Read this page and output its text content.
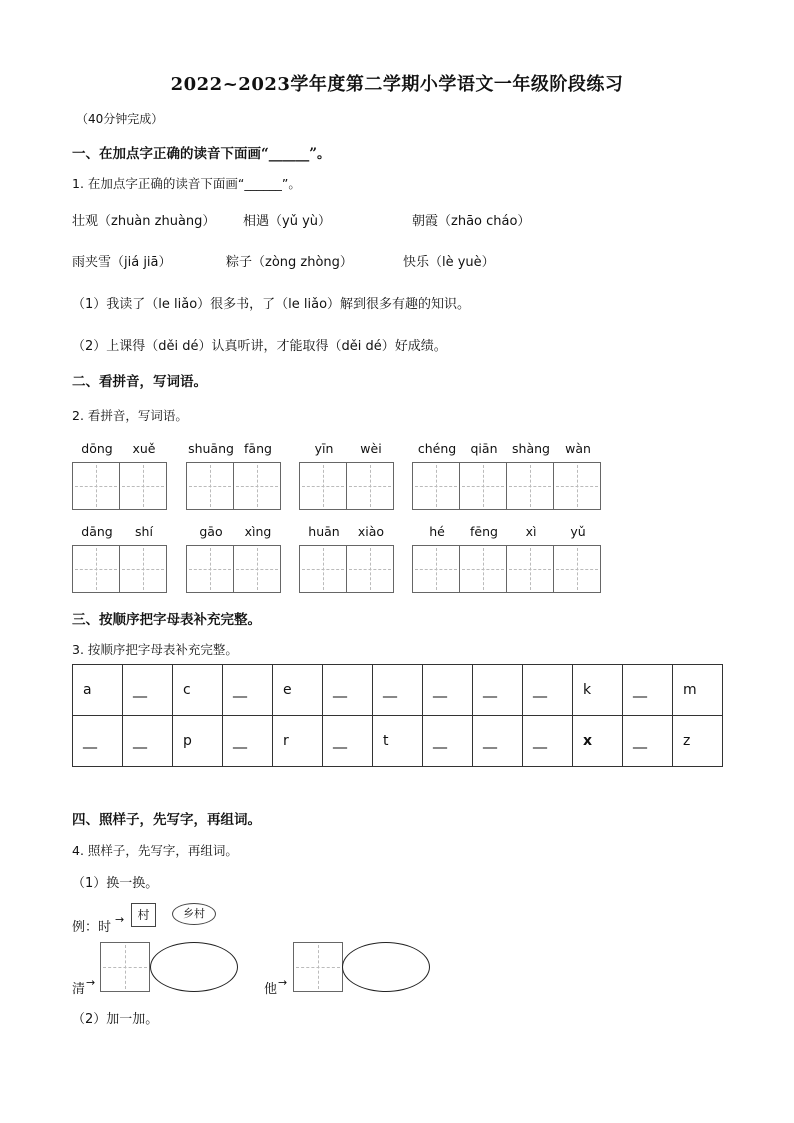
2022~2023学年度第二学期小学语文一年级阶段练习
（40分钟完成）
一、在加点字正确的读音下面画“______”。
1. 在加点字正确的读音下面画“______”。
壮观（zhuàn zhuàng） 相遇（yǔ yù）	朝霞（zhāo cháo）
雨夹雪（jiá jiā）	粽子（zòng zhòng）	快乐（lè yuè）
（1）我读了（le liǎo）很多书，了（le liǎo）解到很多有趣的知识。
（2）上课得（děi dé）认真听讲，才能取得（děi dé）好成绩。
二、看拼音，写词语。
2. 看拼音，写词语。
dōng	xuě	shuāng fāng	yīn	wèi	chéng	qiān	shàng	wàn
dāng	shí	gāo	xìng	huān	xiào	hé	fēng	xì	yǔ
三、按顺序把字母表补充完整。
3. 按顺序把字母表补充完整。
a	__	c	__	e	__	__	__	__	__	k	__	m
__	__	p	__	r	__	t	__	__	__	x	__	z
四、照样子，先写字，再组词。
4. 照样子，先写字，再组词。
（1）换一换。
例：时
→	村	乡村
清 →	他 →
（2）加一加。
